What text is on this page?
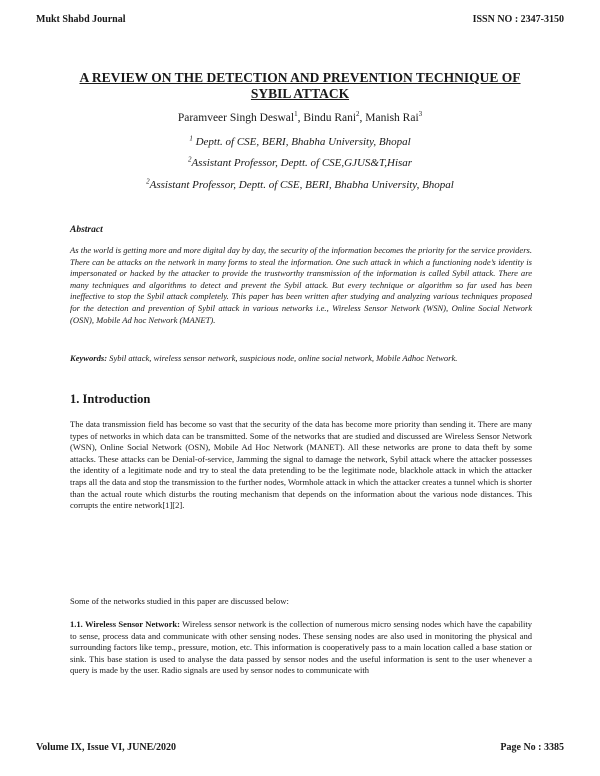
Mukt Shabd Journal	ISSN NO : 2347-3150
A REVIEW ON THE DETECTION AND PREVENTION TECHNIQUE OF
SYBIL ATTACK
Paramveer Singh Deswal$^1$, Bindu Rani$^2$, Manish Rai$^3$
$^1$ Deptt. of CSE, BERI, Bhabha University, Bhopal
$^2$Assistant Professor, Deptt. of CSE,GJUS&T,Hisar
$^2$Assistant Professor, Deptt. of CSE, BERI, Bhabha University, Bhopal
Abstract
As the world is getting more and more digital day by day, the security of the information becomes the priority for the service providers. There can be attacks on the network in many forms to steal the information. One such attack in which a functioning node’s identity is impersonated or hacked by the attacker to provide the trustworthy transmission of the information is called Sybil attack. There are many techniques and algorithms to detect and prevent the Sybil attack. But every technique or algorithm so far used has been ineffective to stop the Sybil attack completely. This paper has been written after studying and analyzing various techniques proposed for the detection and prevention of Sybil attack in various networks i.e., Wireless Sensor Network (WSN), Online Social Network (OSN), Mobile Ad hoc Network (MANET).
Keywords: Sybil attack, wireless sensor network, suspicious node, online social network, Mobile Adhoc Network.
1. Introduction
The data transmission field has become so vast that the security of the data has become more priority than sending it. There are many types of networks in which data can be transmitted. Some of the networks that are studied and discussed are Wireless Sensor Network (WSN), Online Social Network (OSN), Mobile Ad Hoc Network (MANET). All these networks are prone to data theft by some attacks. These attacks can be Denial-of-service, Jamming the signal to damage the network, Sybil attack where the attacker possesses the identity of a legitimate node and try to steal the data pretending to be the legitimate node, blackhole attack in which the attacker traps all the data and stop the transmission to the further nodes, Wormhole attack in which the attacker creates a tunnel which is shorter than the actual route which disturbs the routing mechanism that depends on the information about the various node distances. This corrupts the entire network[1][2].
Some of the networks studied in this paper are discussed below:
1.1. Wireless Sensor Network: Wireless sensor network is the collection of numerous micro sensing nodes which have the capability to sense, process data and communicate with other sensing nodes. These sensing nodes are also used in monitoring the physical and surrounding factors like temp., pressure, motion, etc. This information is cooperatively pass to a main location called a base station or sink. This base station is used to analyse the data passed by sensor nodes and the useful information is sent to the user whenever a query is made by the user. Radio signals are used by sensor nodes to communicate with
Volume IX, Issue VI, JUNE/2020	Page No : 3385
